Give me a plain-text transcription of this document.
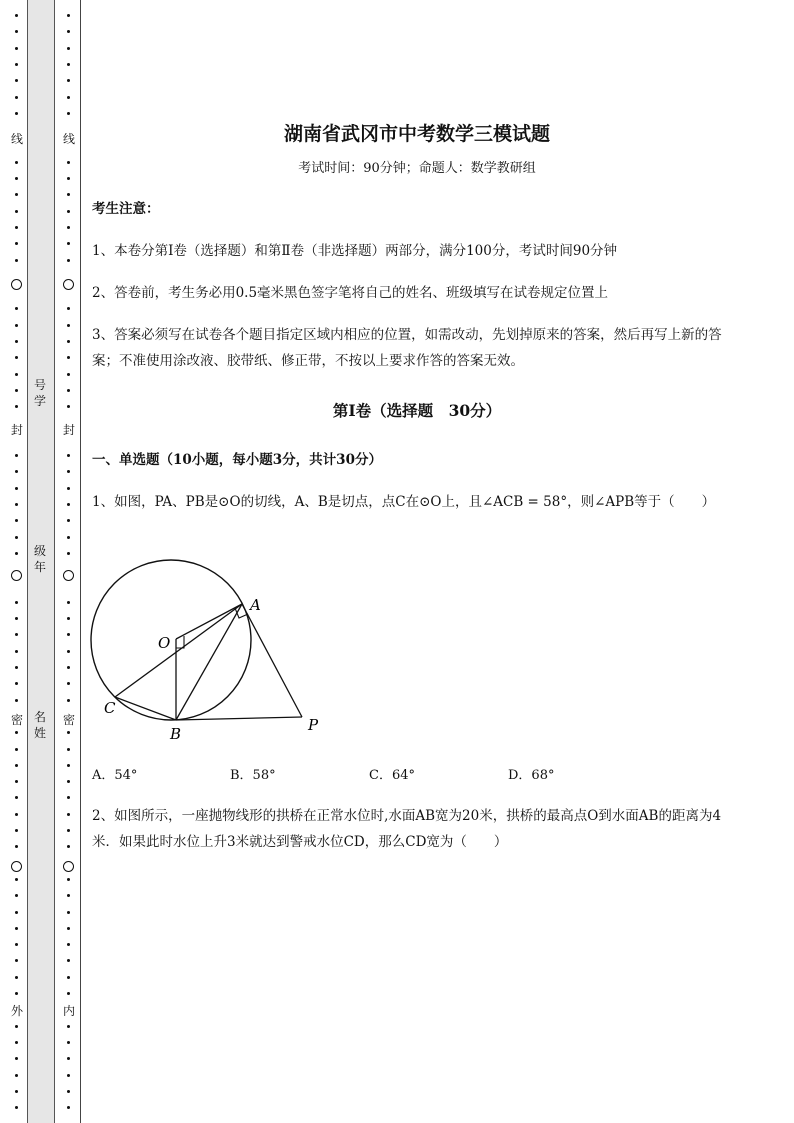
线
封
密
外
线
封
密
内
号
学
级
年
名
姓
湖南省武冈市中考数学三模试题
考试时间：90分钟；命题人：数学教研组
考生注意：
1、本卷分第I卷（选择题）和第Ⅱ卷（非选择题）两部分，满分100分，考试时间90分钟
2、答卷前，考生务必用0.5毫米黑色签字笔将自己的姓名、班级填写在试卷规定位置上
3、答案必须写在试卷各个题目指定区域内相应的位置，如需改动，先划掉原来的答案，然后再写上新的答案；不准使用涂改液、胶带纸、修正带，不按以上要求作答的答案无效。
第I卷（选择题　30分）
一、单选题（10小题，每小题3分，共计30分）
1、如图，PA、PB是⊙O的切线，A、B是切点，点C在⊙O上，且∠ACB = 58°，则∠APB等于（　　）
A．54°	B．58°	C．64°	D．68°
2、如图所示，一座抛物线形的拱桥在正常水位时,水面AB宽为20米，拱桥的最高点O到水面AB的距离为4米．如果此时水位上升3米就达到警戒水位CD，那么CD宽为（　　）
O
A
B
C
P
